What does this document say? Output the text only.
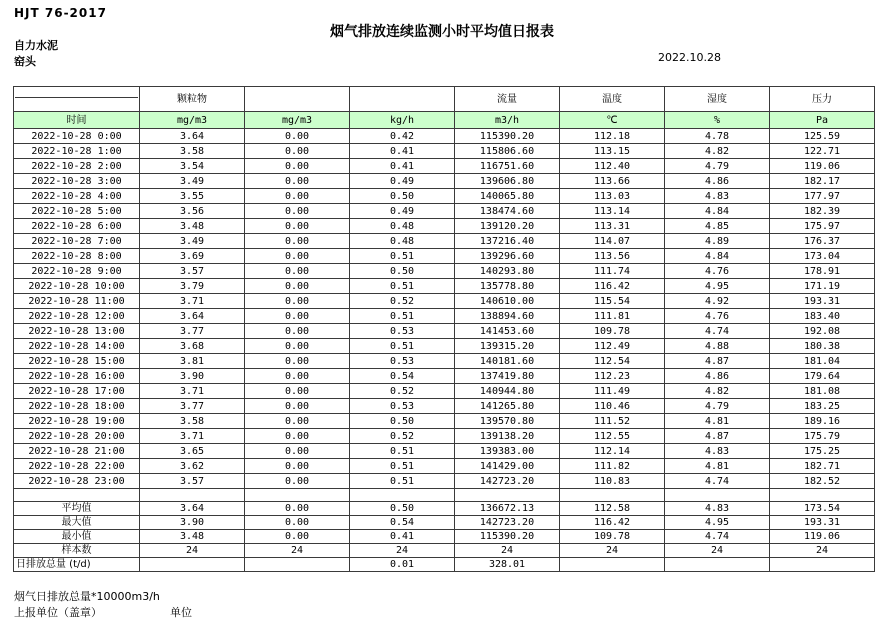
HJT 76-2017
烟气排放连续监测小时平均值日报表
自力水泥
窑头	2022.10.28
	颗粒物			流量	温度	湿度	压力
时间	mg/m3	mg/m3	kg/h	m3/h	℃	%	Pa
2022-10-28 0:00	3.64	0.00	0.42	115390.20	112.18	4.78	125.59
2022-10-28 1:00	3.58	0.00	0.41	115806.60	113.15	4.82	122.71
2022-10-28 2:00	3.54	0.00	0.41	116751.60	112.40	4.79	119.06
2022-10-28 3:00	3.49	0.00	0.49	139606.80	113.66	4.86	182.17
2022-10-28 4:00	3.55	0.00	0.50	140065.80	113.03	4.83	177.97
2022-10-28 5:00	3.56	0.00	0.49	138474.60	113.14	4.84	182.39
2022-10-28 6:00	3.48	0.00	0.48	139120.20	113.31	4.85	175.97
2022-10-28 7:00	3.49	0.00	0.48	137216.40	114.07	4.89	176.37
2022-10-28 8:00	3.69	0.00	0.51	139296.60	113.56	4.84	173.04
2022-10-28 9:00	3.57	0.00	0.50	140293.80	111.74	4.76	178.91
2022-10-28 10:00	3.79	0.00	0.51	135778.80	116.42	4.95	171.19
2022-10-28 11:00	3.71	0.00	0.52	140610.00	115.54	4.92	193.31
2022-10-28 12:00	3.64	0.00	0.51	138894.60	111.81	4.76	183.40
2022-10-28 13:00	3.77	0.00	0.53	141453.60	109.78	4.74	192.08
2022-10-28 14:00	3.68	0.00	0.51	139315.20	112.49	4.88	180.38
2022-10-28 15:00	3.81	0.00	0.53	140181.60	112.54	4.87	181.04
2022-10-28 16:00	3.90	0.00	0.54	137419.80	112.23	4.86	179.64
2022-10-28 17:00	3.71	0.00	0.52	140944.80	111.49	4.82	181.08
2022-10-28 18:00	3.77	0.00	0.53	141265.80	110.46	4.79	183.25
2022-10-28 19:00	3.58	0.00	0.50	139570.80	111.52	4.81	189.16
2022-10-28 20:00	3.71	0.00	0.52	139138.20	112.55	4.87	175.79
2022-10-28 21:00	3.65	0.00	0.51	139383.00	112.14	4.83	175.25
2022-10-28 22:00	3.62	0.00	0.51	141429.00	111.82	4.81	182.71
2022-10-28 23:00	3.57	0.00	0.51	142723.20	110.83	4.74	182.52

平均值	3.64	0.00	0.50	136672.13	112.58	4.83	173.54
最大值	3.90	0.00	0.54	142723.20	116.42	4.95	193.31
最小值	3.48	0.00	0.41	115390.20	109.78	4.74	119.06
样本数	24	24	24	24	24	24	24
日排放总量 (t/d)			0.01	328.01			
烟气日排放总量*10000m3/h
上报单位（盖章）	单位
